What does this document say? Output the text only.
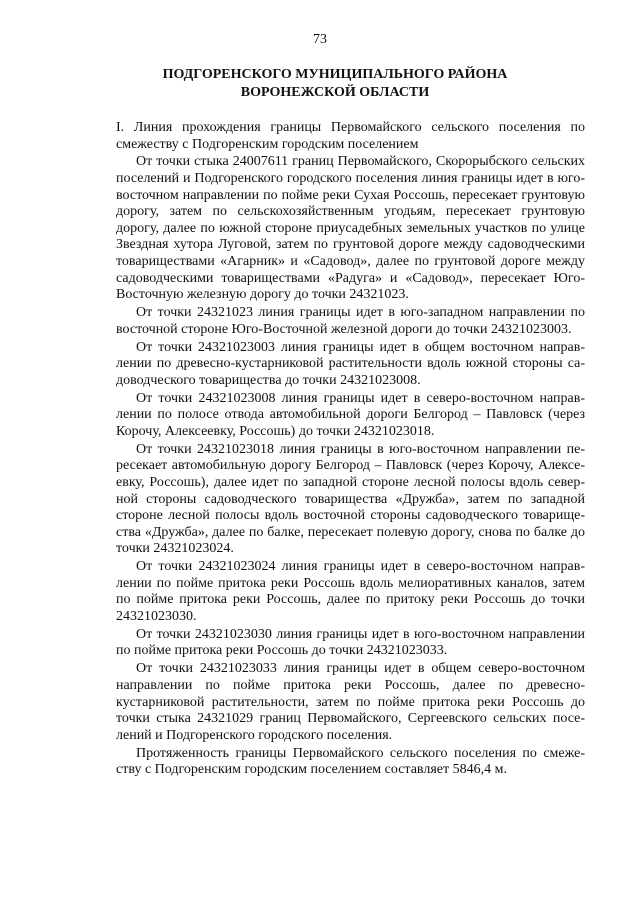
73
ПОДГОРЕНСКОГО МУНИЦИПАЛЬНОГО РАЙОНА
ВОРОНЕЖСКОЙ ОБЛАСТИ

I. Линия прохождения границы Первомайского сельского поселения по смежеству с Подгоренским городским поселением

От точки стыка 24007611 границ Первомайского, Скорорыбского сельских поселений и Подгоренского городского поселения линия границы идет в юго-восточном направлении по пойме реки Сухая Россошь, пересекает грунтовую дорогу, затем по сельскохозяйственным угодьям, пересекает грунтовую дорогу, далее по южной стороне приусадебных земельных участков по улице Звездная хутора Луговой, затем по грунтовой дороге между садоводческими товариществами «Агарник» и «Садовод», далее по грунтовой дороге между садоводческими товариществами «Радуга» и «Садовод», пересекает Юго-Восточную железную дорогу до точки 24321023.

От точки 24321023 линия границы идет в юго-западном направлении по восточной стороне Юго-Восточной железной дороги до точки 24321023003.

От точки 24321023003 линия границы идет в общем восточном направлении по древесно-кустарниковой растительности вдоль южной стороны садоводческого товарищества до точки 24321023008.

От точки 24321023008 линия границы идет в северо-восточном направлении по полосе отвода автомобильной дороги Белгород – Павловск (через Коpочу, Алексеевку, Россошь) до точки 24321023018.

От точки 24321023018 линия границы в юго-восточном направлении пересекает автомобильную дорогу Белгород – Павловск (через Корочу, Алексеевку, Россошь), далее идет по западной стороне лесной полосы вдоль северной стороны садоводческого товарищества «Дружба», затем по западной стороне лесной полосы вдоль восточной стороны садоводческого товарищества «Дружба», далее по балке, пересекает полевую дорогу, снова по балке до точки 24321023024.

От точки 24321023024 линия границы идет в северо-восточном направлении по пойме притока реки Россошь вдоль мелиоративных каналов, затем по пойме притока реки Россошь, далее по притоку реки Россошь до точки 24321023030.

От точки 24321023030 линия границы идет в юго-восточном направлении по пойме притока реки Россошь до точки 24321023033.

От точки 24321023033 линия границы идет в общем северо-восточном направлении по пойме притока реки Россошь, далее по древесно-кустарниковой растительности, затем по пойме притока реки Россошь до точки стыка 24321029 границ Первомайского, Сергеевского сельских поселений и Подгоренского городского поселения.

Протяженность границы Первомайского сельского поселения по смежеству с Подгоренским городским поселением составляет 5846,4 м.
